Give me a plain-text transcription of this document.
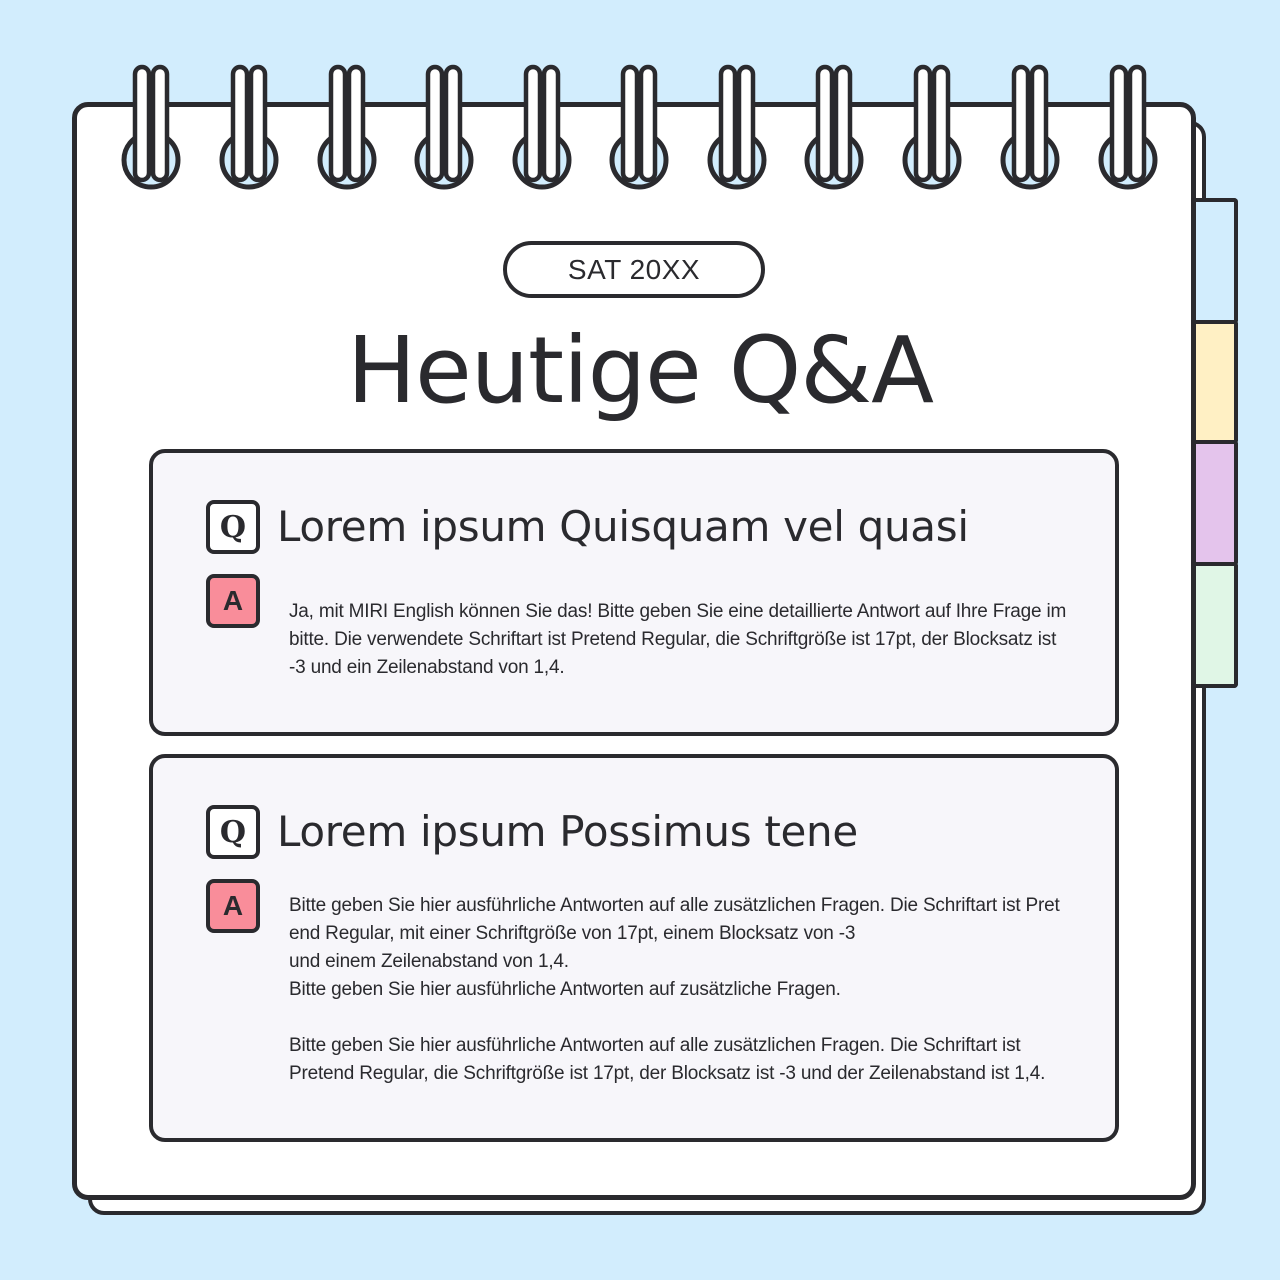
SAT 20XX
Heutige Q&A
Q Lorem ipsum Quisquam vel quasi
A	Ja, mit MIRI English können Sie das! Bitte geben Sie eine detaillierte Antwort auf Ihre Frage im

bitte. Die verwendete Schriftart ist Pretend Regular, die Schriftgröße ist 17pt, der Blocksatz ist

-3 und ein Zeilenabstand von 1,4.

Q Lorem ipsum Possimus tene
A	Bitte geben Sie hier ausführliche Antworten auf alle zusätzlichen Fragen. Die Schriftart ist Pret

end Regular, mit einer Schriftgröße von 17pt, einem Blocksatz von -3

und einem Zeilenabstand von 1,4.

Bitte geben Sie hier ausführliche Antworten auf zusätzliche Fragen.

Bitte geben Sie hier ausführliche Antworten auf alle zusätzlichen Fragen. Die Schriftart ist

Pretend Regular, die Schriftgröße ist 17pt, der Blocksatz ist -3 und der Zeilenabstand ist 1,4.
